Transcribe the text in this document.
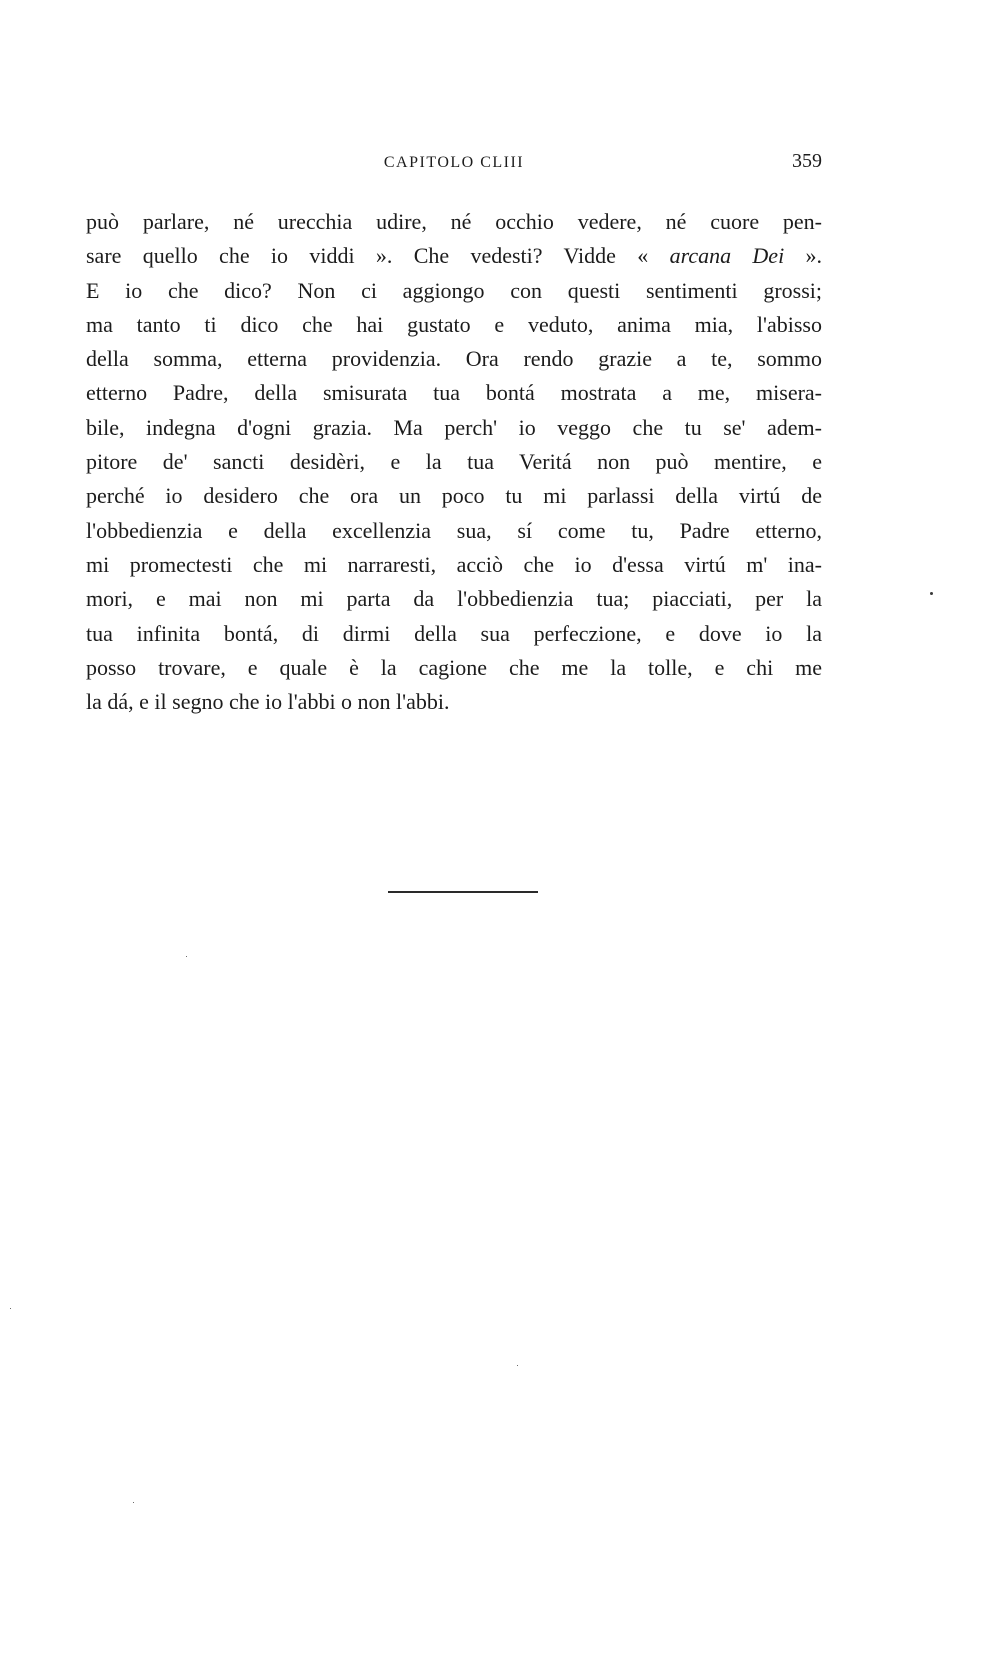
CAPITOLO CLIII	359
può parlare, né urecchia udire, né occhio vedere, né cuore pen-
sare quello che io viddi ». Che vedesti? Vidde « arcana Dei ».
E io che dico? Non ci aggiongo con questi sentimenti grossi;
ma tanto ti dico che hai gustato e veduto, anima mia, l'abisso
della somma, etterna providenzia. Ora rendo grazie a te, sommo
etterno Padre, della smisurata tua bontá mostrata a me, misera-
bile, indegna d'ogni grazia. Ma perch' io veggo che tu se' adem-
pitore de' sancti desidèri, e la tua Veritá non può mentire, e
perché io desidero che ora un poco tu mi parlassi della virtú de
l'obbedienzia e della excellenzia sua, sí come tu, Padre etterno,
mi promectesti che mi narraresti, acciò che io d'essa virtú m' ina-
mori, e mai non mi parta da l'obbedienzia tua; piacciati, per la
tua infinita bontá, di dirmi della sua perfeczione, e dove io la
posso trovare, e quale è la cagione che me la tolle, e chi me
la dá, e il segno che io l'abbi o non l'abbi.
